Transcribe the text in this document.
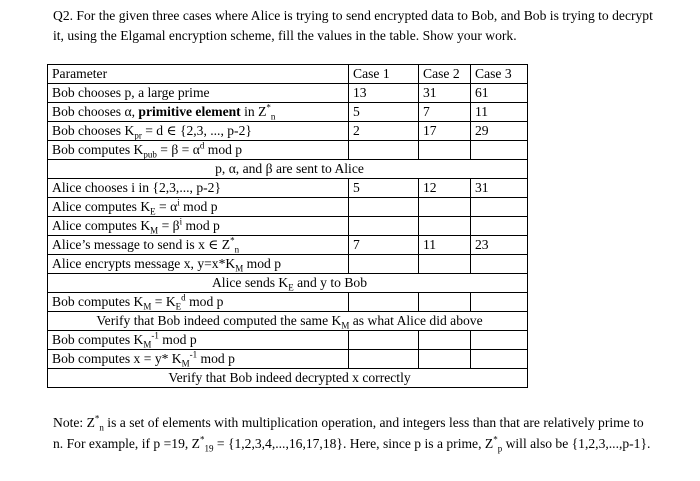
Q2. For the given three cases where Alice is trying to send encrypted data to Bob, and Bob is trying to decrypt it, using the Elgamal encryption scheme, fill the values in the table. Show your work.
Parameter	Case 1	Case 2	Case 3
Bob chooses p, a large prime	13	31	61
Bob chooses α, primitive element in $Z^*_n$	5	7	11
Bob chooses $K_{pr} = d$ ∈ {2,3, ..., p-2}	2	17	29
Bob computes $K_{pub} = \beta = \alpha^d$ mod p			
p, α, and β are sent to Alice			
Alice chooses i in {2,3,..., p-2}	5	12	31
Alice computes $K_E = \alpha^i$ mod p			
Alice computes $K_M = \beta^i$ mod p			
Alice’s message to send is x ∈ $Z^*_n$	7	11	23
Alice encrypts message x, $y=x*K_M$ mod p			
Alice sends $K_E$ and y to Bob			
Bob computes $K_M = K_E^d$ mod p			
Verify that Bob indeed computed the same $K_M$ as what Alice did above			
Bob computes $K_M^{-1}$ mod p			
Bob computes x = y* $K_M^{-1}$ mod p			
Verify that Bob indeed decrypted x correctly			
Note: $Z^*_n$ is a set of elements with multiplication operation, and integers less than that are relatively prime to n. For example, if p =19, $Z^*_{19} = \{1,2,3,4,...,16,17,18\}$. Here, since p is a prime, $Z^*_p$ will also be {1,2,3,...,p-1}.
